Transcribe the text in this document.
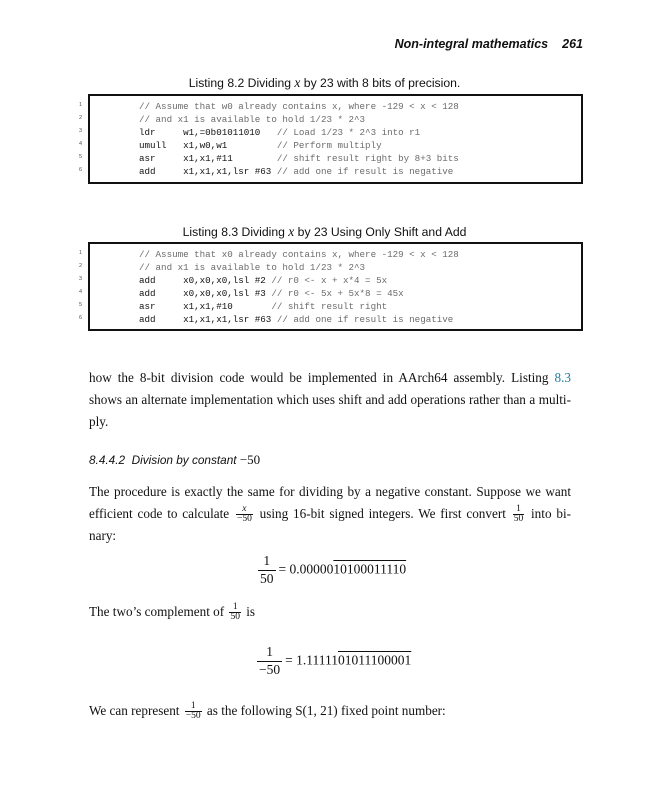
Non-integral mathematics 261
Listing 8.2 Dividing x by 23 with 8 bits of precision.
1
2
3
4
5
6
// Assume that w0 already contains x, where -129 < x < 128
// and x1 is available to hold 1/23 * 2^3
ldr     w1,=0b01011010   // Load 1/23 * 2^3 into r1
umull   x1,w0,w1         // Perform multiply
asr     x1,x1,#11        // shift result right by 8+3 bits
add     x1,x1,x1,lsr #63 // add one if result is negative
Listing 8.3 Dividing x by 23 Using Only Shift and Add
1
2
3
4
5
6
// Assume that x0 already contains x, where -129 < x < 128
// and x1 is available to hold 1/23 * 2^3
add     x0,x0,x0,lsl #2 // r0 <- x + x*4 = 5x
add     x0,x0,x0,lsl #3 // r0 <- 5x + 5x*8 = 45x
asr     x1,x1,#10       // shift result right
add     x1,x1,x1,lsr #63 // add one if result is negative
how the 8-bit division code would be implemented in AArch64 assembly. Listing 8.3 shows an alternate implementation which uses shift and add operations rather than a multi-ply.
8.4.4.2 Division by constant −50
The procedure is exactly the same for dividing by a negative constant. Suppose we want efficient code to calculate $\frac{x}{-50}$ using 16-bit signed integers. We first convert $\frac{1}{50}$ into bi-nary:
$\frac{1}{50} = 0.0000010100011110$
The two’s complement of $\frac{1}{50}$ is
$\frac{1}{-50} = 1.1111101011100001$
We can represent $\frac{1}{-50}$ as the following S(1, 21) fixed point number:
